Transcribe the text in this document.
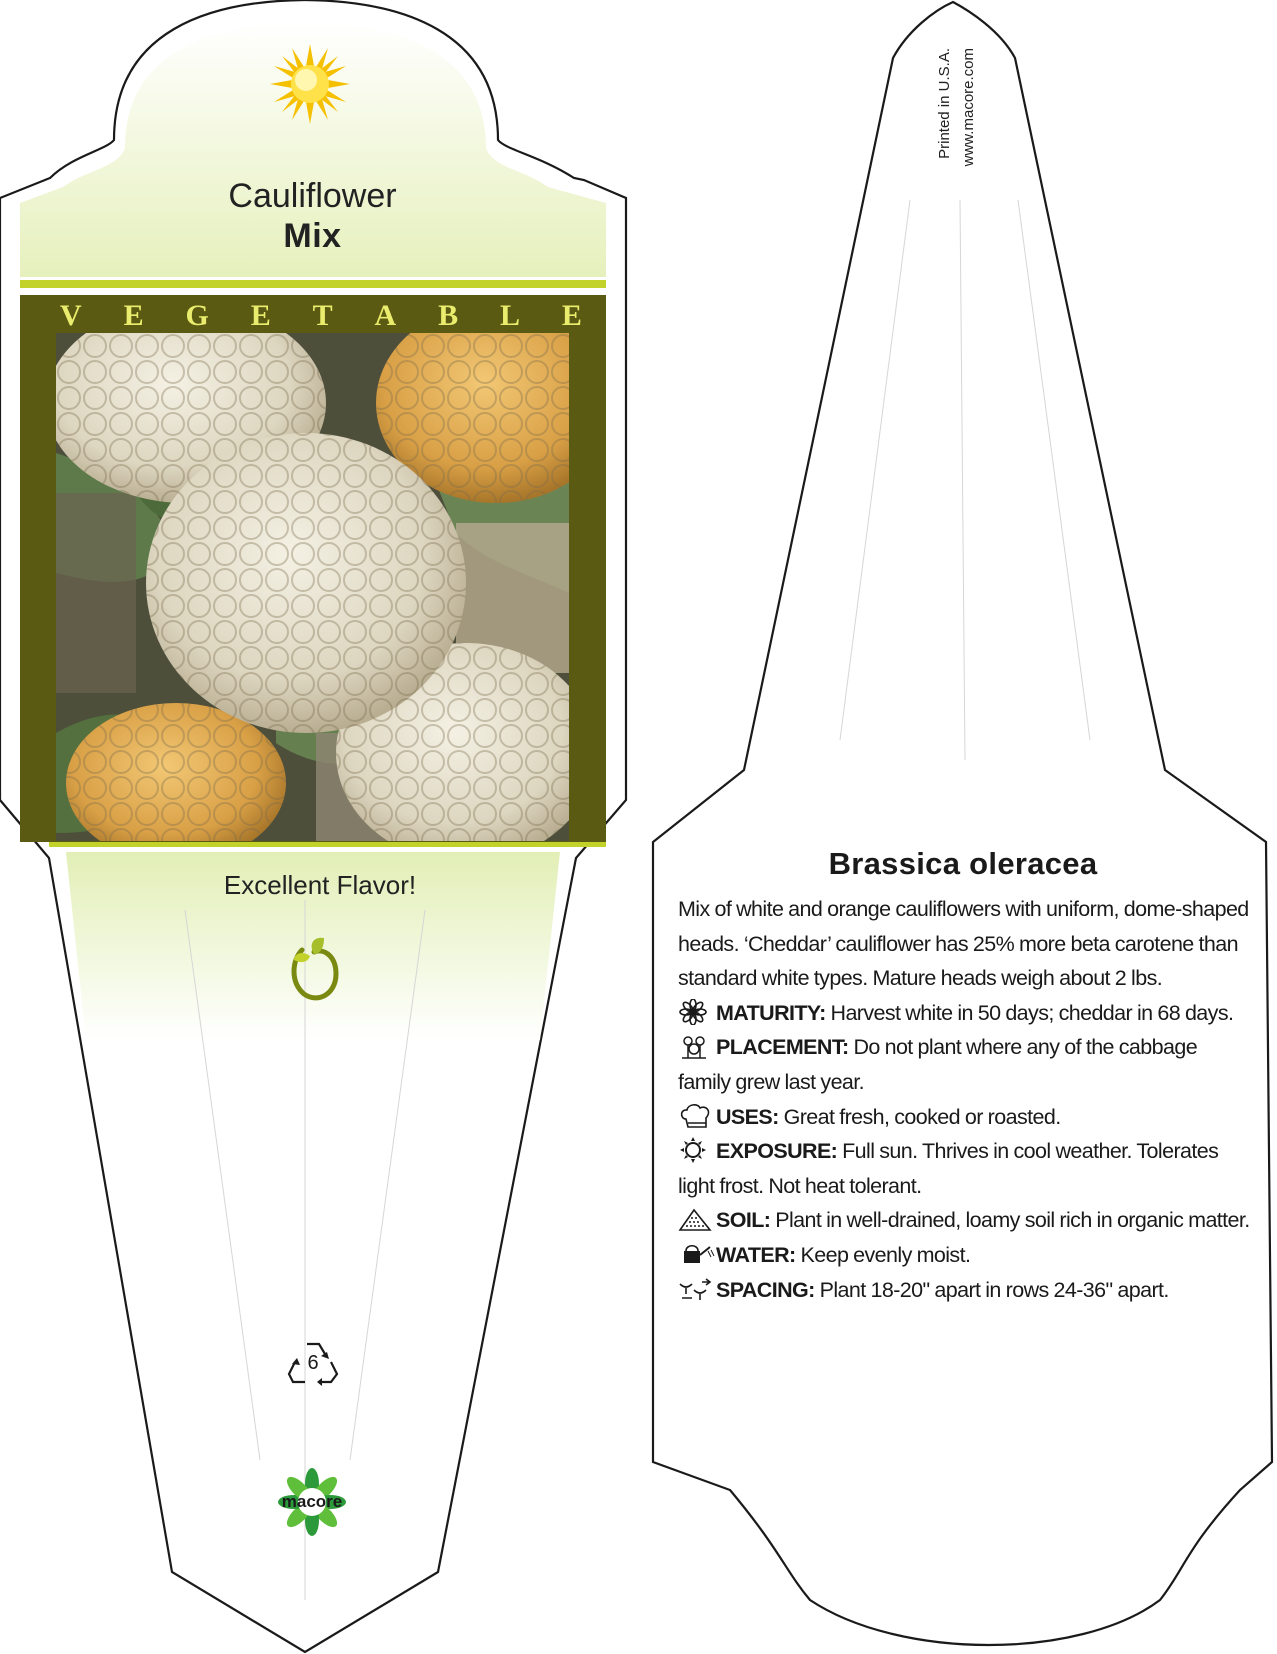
Cauliflower
Mix
V E G E T A B L E
Excellent Flavor!
6
macore
Printed in U.S.A. www.macore.com
Brassica oleracea

Mix of white and orange cauliflowers with uniform, dome-shaped heads. ‘Cheddar’ cauliflower has 25% more beta carotene than standard white types. Mature heads weigh about 2 lbs.

MATURITY: Harvest white in 50 days; cheddar in 68 days.

PLACEMENT: Do not plant where any of the cabbage family grew last year.

USES: Great fresh, cooked or roasted.

EXPOSURE: Full sun. Thrives in cool weather. Tolerates light frost. Not heat tolerant.

SOIL: Plant in well-drained, loamy soil rich in organic matter.

WATER: Keep evenly moist.

SPACING: Plant 18-20" apart in rows 24-36" apart.
